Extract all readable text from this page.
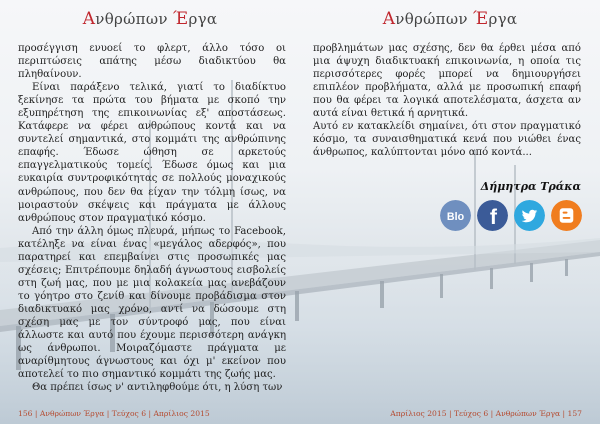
Ανθρώπων Έργα

προσέγγιση ενυοεί το φλερτ, άλλο τόσο οι περιπτώσεις απάτης μέσω διαδικτύου θα πληθαίνουν.

Είναι παράξενο τελικά, γιατί το διαδίκτυο ξεκίνησε τα πρώτα του βήματα με σκοπό την εξυπηρέτηση της επικοινωνίας εξ' αποστάσεως. Κατάφερε να φέρει ανθρώπους κοντά και να συντελεί σημαντικά, στο κομμάτι της ανθρώπινης επαφής. Έδωσε ώθηση σε αρκετούς επαγγελματικούς τομείς. Έδωσε όμως και μια ευκαιρία συντροφικότητας σε πολλούς μοναχικούς ανθρώπους, που δεν θα είχαν την τόλμη ίσως, να μοιραστούν σκέψεις και πράγματα με άλλους ανθρώπους στον πραγματικό κόσμο.

Από την άλλη όμως πλευρά, μήπως το Facebook, κατέληξε να είναι ένας «μεγάλος αδερφός», που παρατηρεί και επεμβαίνει στις προσωπικές μας σχέσεις; Επιτρέπουμε δηλαδή άγνωστους εισβολείς στη ζωή μας, που με μια κολακεία μας ανεβάζουν το γόητρο στο ζενίθ και δίνουμε προβάδισμα στον διαδικτυακό μας χρόνο, αντί να δώσουμε στη σχέση μας με τον σύντροφό μας, που είναι άλλωστε και αυτό που έχουμε περισσότερη ανάγκη ως άνθρωποι. Μοιραζόμαστε πράγματα με αναρίθμητους άγνωστους και όχι μ' εκείνον που αποτελεί το πιο σημαντικό κομμάτι της ζωής μας.

Θα πρέπει ίσως ν' αντιληφθούμε ότι, η λύση των

156 | Ανθρώπων Έργα | Τεύχος 6 | Απρίλιος 2015
Ανθρώπων Έργα

προβλημάτων μας σχέσης, δεν θα έρθει μέσα από μια άψυχη διαδικτυακή επικοινωνία, η οποία τις περισσότερες φορές μπορεί να δημιουργήσει επιπλέον προβλήματα, αλλά με προσωπική επαφή που θα φέρει τα λογικά αποτελέσματα, άσχετα αν αυτά είναι θετικά ή αρνητικά.

Αυτό εν κατακλείδι σημαίνει, ότι στον πραγματικό κόσμο, τα συναισθηματικά κενά που νιώθει ένας άνθρωπος, καλύπτονται μόνο από κοντά...

Δήμητρα Τράκα
Blo f
Απρίλιος 2015 | Τεύχος 6 | Ανθρώπων Έργα | 157
